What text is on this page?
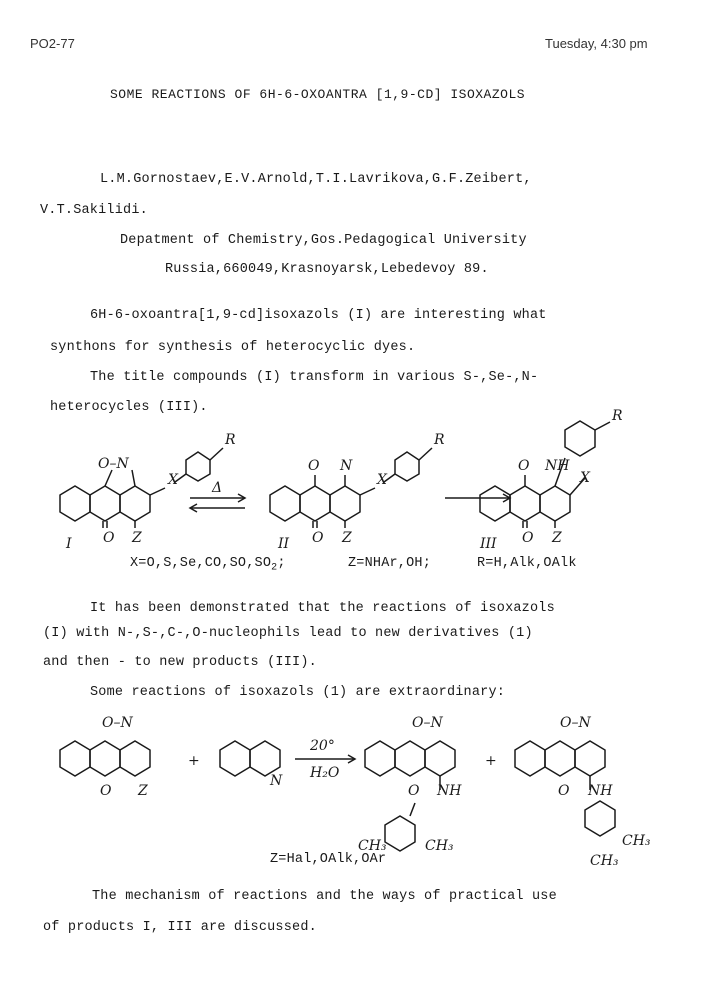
PO2-77	Tuesday, 4:30 pm
SOME REACTIONS OF 6H-6-OXOANTRA [1,9-CD] ISOXAZOLS
L.M.Gornostaev,E.V.Arnold,T.I.Lavrikova,G.F.Zeibert,
V.T.Sakilidi.
Depatment of Chemistry,Gos.Pedagogical University
Russia,660049,Krasnoyarsk,Lebedevoy 89.
6H-6-oxoantra[1,9-cd]isoxazols (I) are interesting what
synthons for synthesis of heterocyclic dyes.
The title compounds (I) transform in various S-,Se-,N-
heterocycles (III).
O–N
X
R
O Z
I
Δ
O N
X
R
O Z
II
O NH
X
R
O Z
III
$X=O,S,Se,CO,SO,SO_2$;	Z=NHAr,OH;	R=H,Alk,OAlk
It has been demonstrated that the reactions of isoxazols
(I) with N-,S-,C-,O-nucleophils lead to new derivatives (1)
and then - to new products (III).
Some reactions of isoxazols (1) are extraordinary:
O–N
O Z
+
N
20°
H₂O
O–N
O NH
CH₃	CH₃
+
O–N
O NH
CH₃
CH₃
Z=Hal,OAlk,OAr
The mechanism of reactions and the ways of practical use
of products I, III are discussed.
